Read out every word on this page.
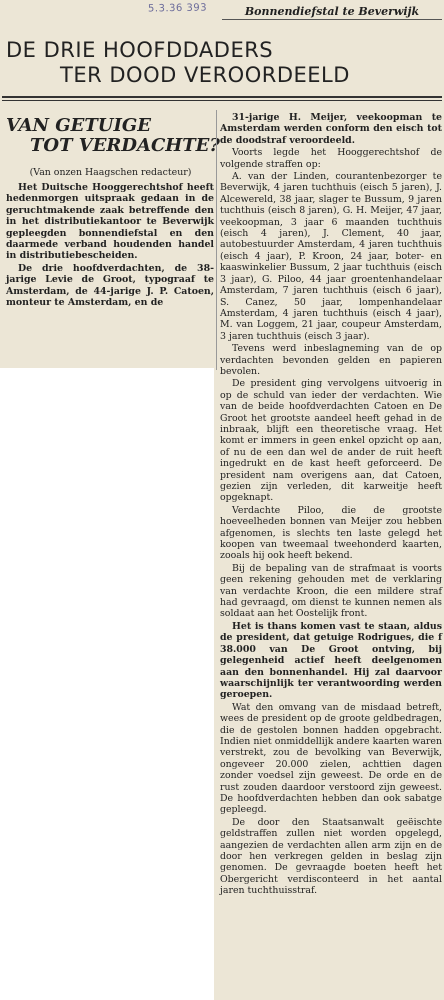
5.3.36 393	Bonnendiefstal te Beverwijk
DE DRIE HOOFDDADERS
TER DOOD VEROORDEELD
VAN GETUIGE
TOT VERDACHTE?
(Van onzen Haagschen redacteur)

Het Duitsche Hooggerechtshof heeft hedenmorgen uitspraak gedaan in de geruchtmakende zaak betreffende den in het distributiekantoor te Beverwijk gepleegden bonnendiefstal en den daarmede verband houdenden handel in distributiebescheiden.

De drie hoofdverdachten, de 38-jarige Levie de Groot, typograaf te Amsterdam, de 44-jarige J. P. Catoen, monteur te Amsterdam, en de

31-jarige H. Meijer, veekoopman te Amsterdam werden conform den eisch tot de doodstraf veroordeeld.

Voorts legde het Hooggerechtshof de volgende straffen op:

A. van der Linden, courantenbezorger te Beverwijk, 4 jaren tuchthuis (eisch 5 jaren), J. Alcewereld, 38 jaar, slager te Bussum, 9 jaren tuchthuis (eisch 8 jaren), G. H. Meijer, 47 jaar, veekoopman, 3 jaar 6 maanden tuchthuis (eisch 4 jaren), J. Clement, 40 jaar, autobestuurder Amsterdam, 4 jaren tuchthuis (eisch 4 jaar), P. Kroon, 24 jaar, boter- en kaaswinkelier Bussum, 2 jaar tuchthuis (eisch 3 jaar), G. Piloo, 44 jaar groentenhandelaar Amsterdam, 7 jaren tuchthuis (eisch 6 jaar), S. Canez, 50 jaar, lompenhandelaar Amsterdam, 4 jaren tuchthuis (eisch 4 jaar), M. van Loggem, 21 jaar, coupeur Amsterdam, 3 jaren tuchthuis (eisch 3 jaar).

Tevens werd inbeslagneming van de op verdachten bevonden gelden en papieren bevolen.

De president ging vervolgens uitvoerig in op de schuld van ieder der verdachten. Wie van de beide hoofdverdachten Catoen en De Groot het grootste aandeel heeft gehad in de inbraak, blijft een theoretische vraag. Het komt er immers in geen enkel opzicht op aan, of nu de een dan wel de ander de ruit heeft ingedrukt en de kast heeft geforceerd. De president nam overigens aan, dat Catoen, gezien zijn verleden, dit karweitje heeft opgeknapt.

Verdachte Piloo, die de grootste hoeveelheden bonnen van Meijer zou hebben afgenomen, is slechts ten laste gelegd het koopen van tweemaal tweehonderd kaarten, zooals hij ook heeft bekend.

Bij de bepaling van de strafmaat is voorts geen rekening gehouden met de verklaring van verdachte Kroon, die een mildere straf had gevraagd, om dienst te kunnen nemen als soldaat aan het Oostelijk front.

Het is thans komen vast te staan, aldus de president, dat getuige Rodrigues, die f 38.000 van De Groot ontving, bij gelegenheid actief heeft deelgenomen aan den bonnenhandel. Hij zal daarvoor waarschijnlijk ter verantwoording werden geroepen.

Wat den omvang van de misdaad betreft, wees de president op de groote geldbedragen, die de gestolen bonnen hadden opgebracht. Indien niet onmiddellijk andere kaarten waren verstrekt, zou de bevolking van Beverwijk, ongeveer 20.000 zielen, achttien dagen zonder voedsel zijn geweest. De orde en de rust zouden daardoor verstoord zijn geweest. De hoofdverdachten hebben dan ook sabatge gepleegd.

De door den Staatsanwalt geëischte geldstraffen zullen niet worden opgelegd, aangezien de verdachten allen arm zijn en de door hen verkregen gelden in beslag zijn genomen. De gevraagde boeten heeft het Obergericht verdisconteerd in het aantal jaren tuchthuisstraf.
